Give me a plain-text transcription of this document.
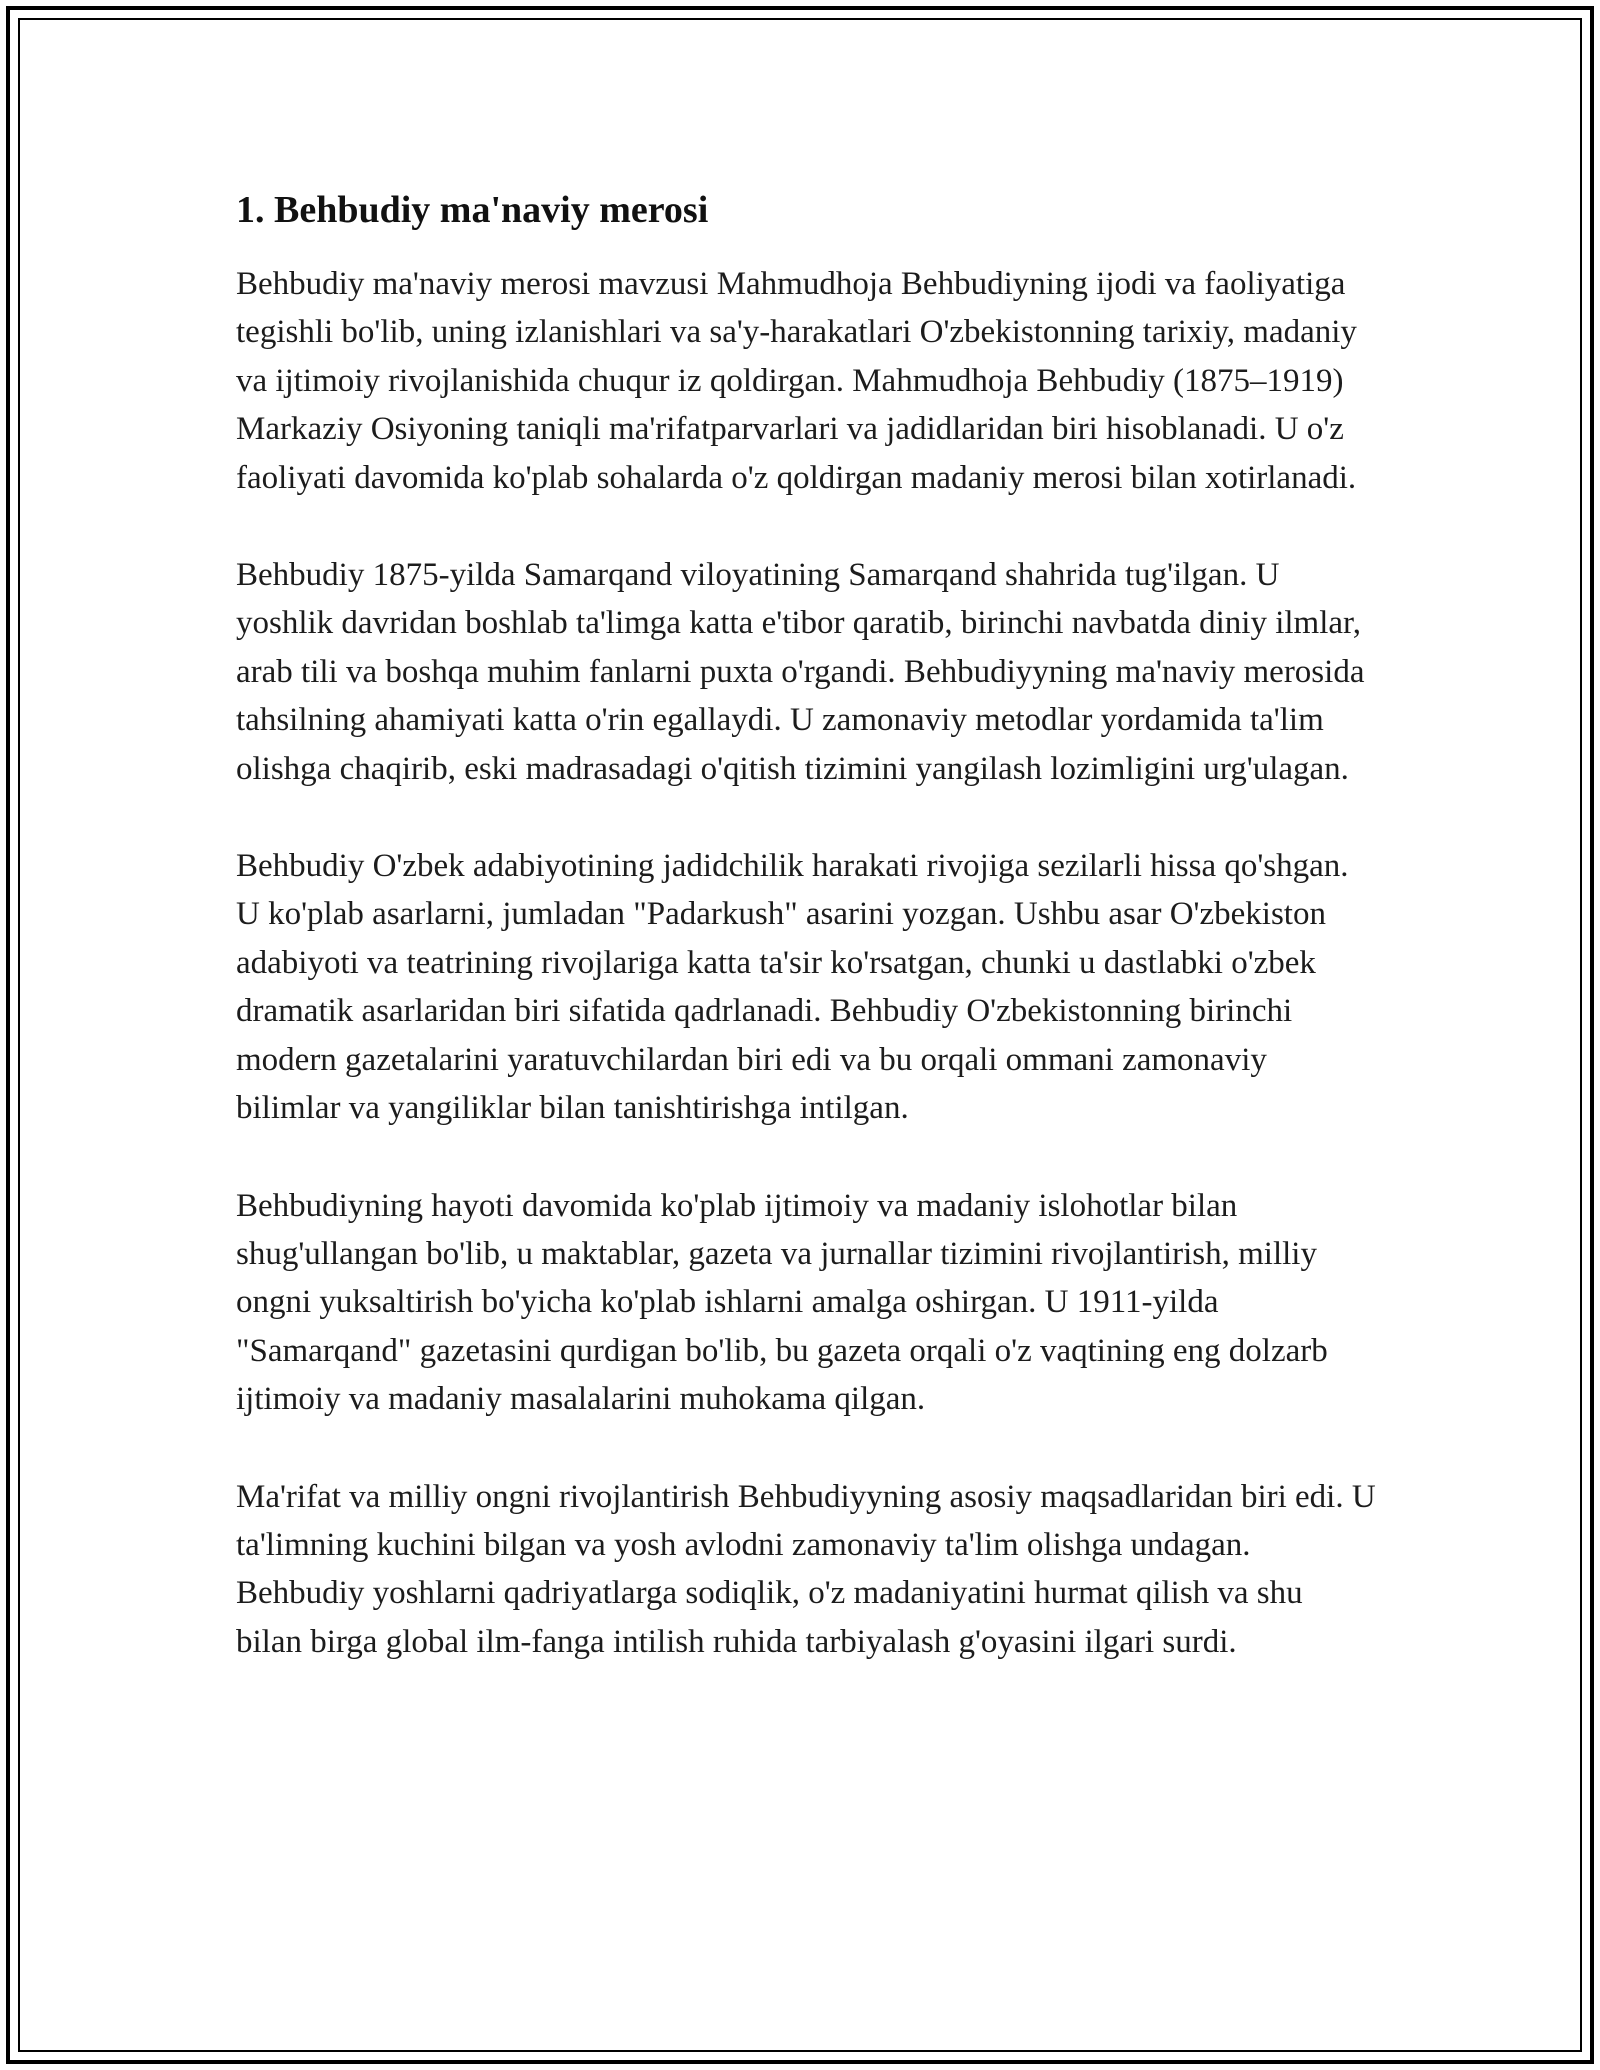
1. Behbudiy ma'naviy merosi

Behbudiy ma'naviy merosi mavzusi Mahmudhoja Behbudiyning ijodi va faoliyatiga tegishli bo'lib, uning izlanishlari va sa'y-harakatlari O'zbekistonning tarixiy, madaniy va ijtimoiy rivojlanishida chuqur iz qoldirgan. Mahmudhoja Behbudiy (1875–1919) Markaziy Osiyoning taniqli ma'rifatparvarlari va jadidlaridan biri hisoblanadi. U o'z faoliyati davomida ko'plab sohalarda o'z qoldirgan madaniy merosi bilan xotirlanadi.

Behbudiy 1875-yilda Samarqand viloyatining Samarqand shahrida tug'ilgan. U yoshlik davridan boshlab ta'limga katta e'tibor qaratib, birinchi navbatda diniy ilmlar, arab tili va boshqa muhim fanlarni puxta o'rgandi. Behbudiyyning ma'naviy merosida tahsilning ahamiyati katta o'rin egallaydi. U zamonaviy metodlar yordamida ta'lim olishga chaqirib, eski madrasadagi o'qitish tizimini yangilash lozimligini urg'ulagan.

Behbudiy O'zbek adabiyotining jadidchilik harakati rivojiga sezilarli hissa qo'shgan. U ko'plab asarlarni, jumladan "Padarkush" asarini yozgan. Ushbu asar O'zbekiston adabiyoti va teatrining rivojlariga katta ta'sir ko'rsatgan, chunki u dastlabki o'zbek dramatik asarlaridan biri sifatida qadrlanadi. Behbudiy O'zbekistonning birinchi modern gazetalarini yaratuvchilardan biri edi va bu orqali ommani zamonaviy bilimlar va yangiliklar bilan tanishtirishga intilgan.

Behbudiyning hayoti davomida ko'plab ijtimoiy va madaniy islohotlar bilan shug'ullangan bo'lib, u maktablar, gazeta va jurnallar tizimini rivojlantirish, milliy ongni yuksaltirish bo'yicha ko'plab ishlarni amalga oshirgan. U 1911-yilda "Samarqand" gazetasini qurdigan bo'lib, bu gazeta orqali o'z vaqtining eng dolzarb ijtimoiy va madaniy masalalarini muhokama qilgan.

Ma'rifat va milliy ongni rivojlantirish Behbudiyyning asosiy maqsadlaridan biri edi. U ta'limning kuchini bilgan va yosh avlodni zamonaviy ta'lim olishga undagan. Behbudiy yoshlarni qadriyatlarga sodiqlik, o'z madaniyatini hurmat qilish va shu bilan birga global ilm-fanga intilish ruhida tarbiyalash g'oyasini ilgari surdi.
